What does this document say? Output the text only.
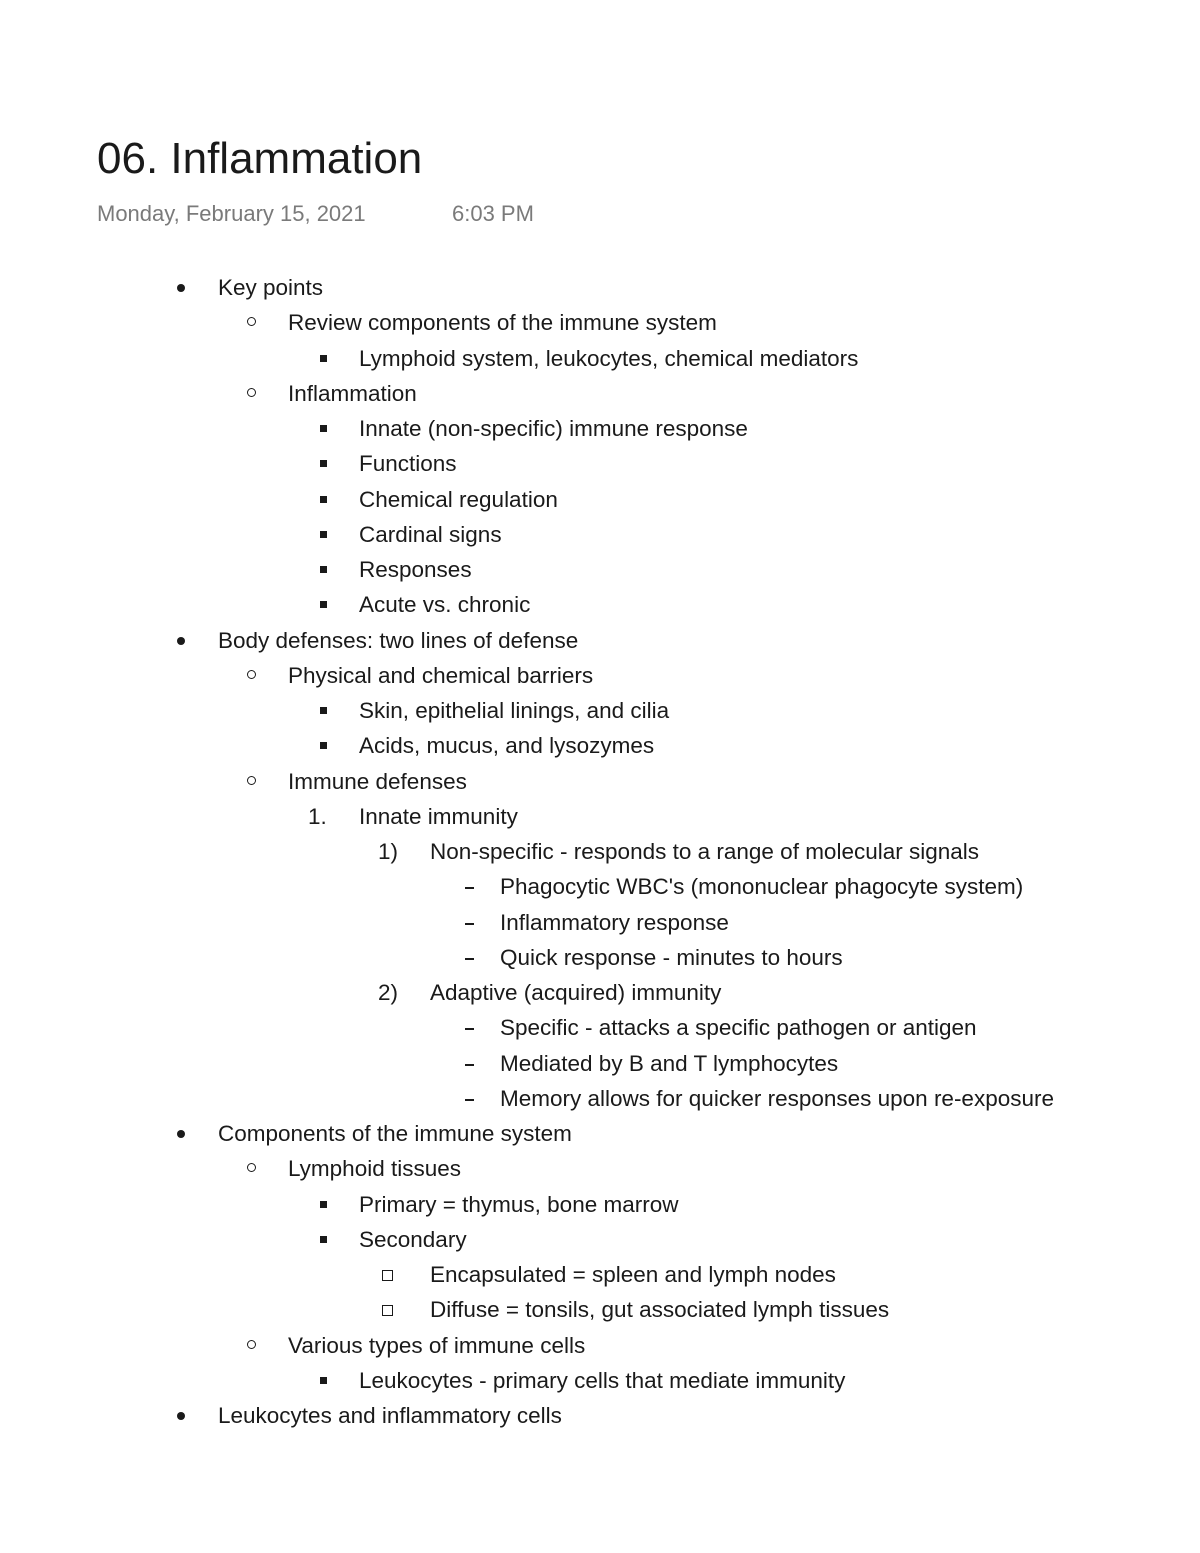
06. Inflammation
Monday, February 15, 2021	6:03 PM
Key points
Review components of the immune system
Lymphoid system, leukocytes, chemical mediators
Inflammation
Innate (non-specific) immune response
Functions
Chemical regulation
Cardinal signs
Responses
Acute vs. chronic
Body defenses: two lines of defense
Physical and chemical barriers
Skin, epithelial linings, and cilia
Acids, mucus, and lysozymes
Immune defenses
1. Innate immunity
1) Non-specific - responds to a range of molecular signals
Phagocytic WBC's (mononuclear phagocyte system)
Inflammatory response
Quick response - minutes to hours
2) Adaptive (acquired) immunity
Specific - attacks a specific pathogen or antigen
Mediated by B and T lymphocytes
Memory allows for quicker responses upon re-exposure
Components of the immune system
Lymphoid tissues
Primary = thymus, bone marrow
Secondary
Encapsulated = spleen and lymph nodes
Diffuse = tonsils, gut associated lymph tissues
Various types of immune cells
Leukocytes - primary cells that mediate immunity
Leukocytes and inflammatory cells
